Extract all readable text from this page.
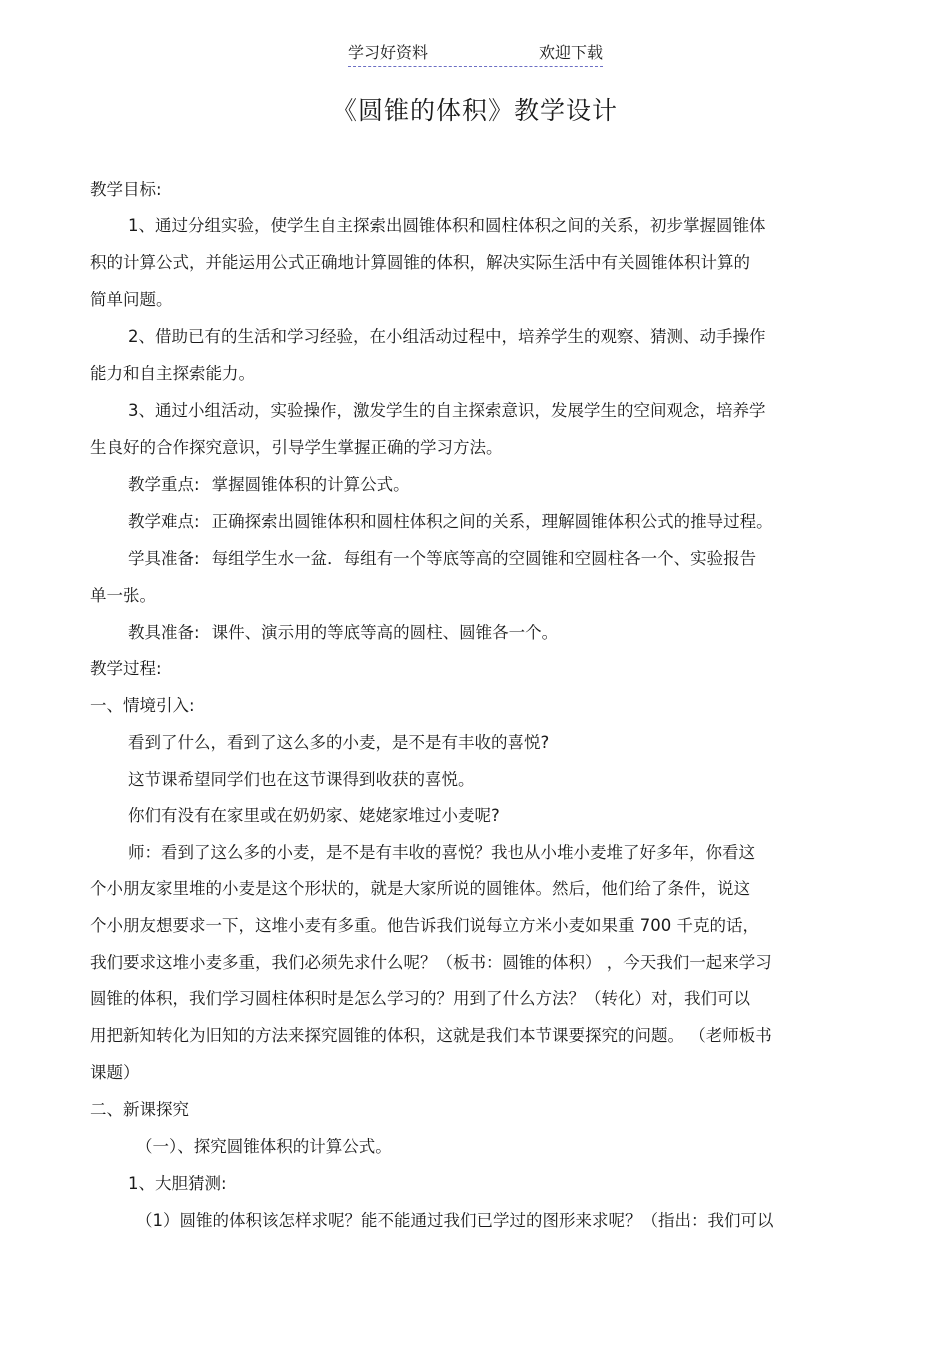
学习好资料	欢迎下载
《圆锥的体积》教学设计
教学目标:
1、通过分组实验，使学生自主探索出圆锥体积和圆柱体积之间的关系，初步掌握圆锥体
积的计算公式，并能运用公式正确地计算圆锥的体积，解决实际生活中有关圆锥体积计算的
简单问题。
2、借助已有的生活和学习经验，在小组活动过程中，培养学生的观察、猜测、动手操作
能力和自主探索能力。
3、通过小组活动，实验操作，激发学生的自主探索意识，发展学生的空间观念，培养学
生良好的合作探究意识，引导学生掌握正确的学习方法。
教学重点: 掌握圆锥体积的计算公式。
教学难点: 正确探索出圆锥体积和圆柱体积之间的关系，理解圆锥体积公式的推导过程。
学具准备: 每组学生水一盆．每组有一个等底等高的空圆锥和空圆柱各一个、实验报告
单一张。
教具准备: 课件、演示用的等底等高的圆柱、圆锥各一个。
教学过程:
一、情境引入:
看到了什么，看到了这么多的小麦，是不是有丰收的喜悦?
这节课希望同学们也在这节课得到收获的喜悦。
你们有没有在家里或在奶奶家、姥姥家堆过小麦呢?
师：看到了这么多的小麦，是不是有丰收的喜悦？我也从小堆小麦堆了好多年，你看这
个小朋友家里堆的小麦是这个形状的，就是大家所说的圆锥体。然后，他们给了条件，说这
个小朋友想要求一下，这堆小麦有多重。他告诉我们说每立方米小麦如果重 700 千克的话，
我们要求这堆小麦多重，我们必须先求什么呢？（板书：圆锥的体积） ，今天我们一起来学习
圆锥的体积，我们学习圆柱体积时是怎么学习的？用到了什么方法？（转化）对，我们可以
用把新知转化为旧知的方法来探究圆锥的体积，这就是我们本节课要探究的问题。 （老师板书
课题）
二、新课探究
（一）、探究圆锥体积的计算公式。
1、大胆猜测:
（1）圆锥的体积该怎样求呢？能不能通过我们已学过的图形来求呢？（指出：我们可以
